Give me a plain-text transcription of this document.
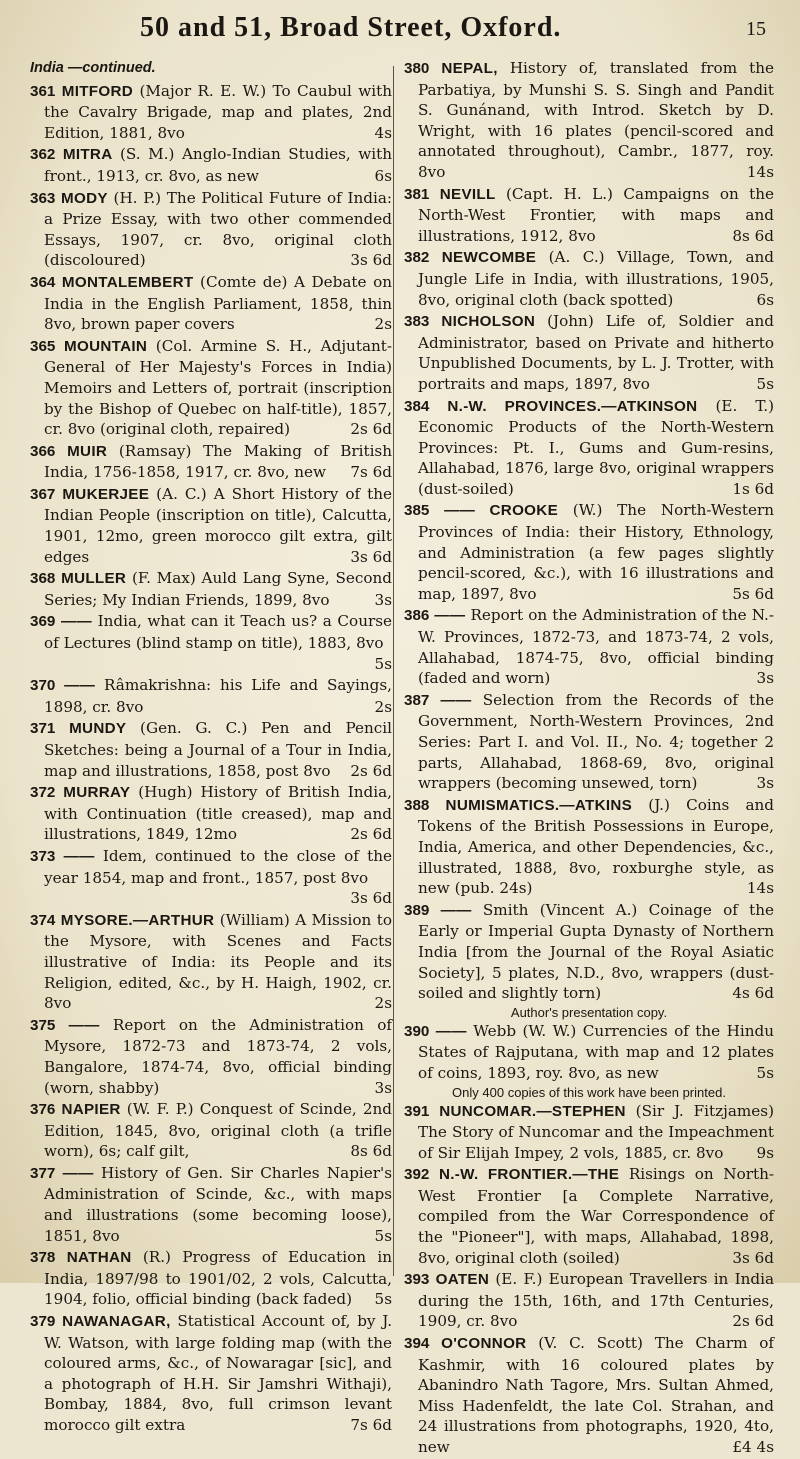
50 and 51, Broad Street, Oxford.	15
India —continued.
361 MITFORD (Major R. E. W.) To Caubul with the Cavalry Brigade, map and plates, 2nd Edition, 1881, 8vo	4s
362 MITRA (S. M.) Anglo-Indian Studies, with front., 1913, cr. 8vo, as new	6s
363 MODY (H. P.) The Political Future of India: a Prize Essay, with two other commended Essays, 1907, cr. 8vo, original cloth (discoloured)	3s 6d
364 MONTALEMBERT (Comte de) A Debate on India in the English Parliament, 1858, thin 8vo, brown paper covers	2s
365 MOUNTAIN (Col. Armine S. H., Adjutant-General of Her Majesty's Forces in India) Memoirs and Letters of, portrait (inscription by the Bishop of Quebec on half-title), 1857, cr. 8vo (original cloth, repaired)	2s 6d
366 MUIR (Ramsay) The Making of British India, 1756-1858, 1917, cr. 8vo, new 7s 6d
367 MUKERJEE (A. C.) A Short History of the Indian People (inscription on title), Calcutta, 1901, 12mo, green morocco gilt extra, gilt edges	3s 6d
368 MULLER (F. Max) Auld Lang Syne, Second Series; My Indian Friends, 1899, 8vo	3s
369 —— India, what can it Teach us? a Course of Lectures (blind stamp on title), 1883, 8vo
5s
370 —— Râmakrishna: his Life and Sayings, 1898, cr. 8vo	2s
371 MUNDY (Gen. G. C.) Pen and Pencil Sketches: being a Journal of a Tour in India, map and illustrations, 1858, post 8vo 2s 6d
372 MURRAY (Hugh) History of British India, with Continuation (title creased), map and illustrations, 1849, 12mo	2s 6d
373 —— Idem, continued to the close of the year 1854, map and front., 1857, post 8vo
3s 6d
374 MYSORE.—ARTHUR (William) A Mission to the Mysore, with Scenes and Facts illustrative of India: its People and its Religion, edited, &c., by H. Haigh, 1902, cr. 8vo	2s
375 —— Report on the Administration of Mysore, 1872-73 and 1873-74, 2 vols, Bangalore, 1874-74, 8vo, official binding (worn, shabby)	3s
376 NAPIER (W. F. P.) Conquest of Scinde, 2nd Edition, 1845, 8vo, original cloth (a trifle worn), 6s; calf gilt,	8s 6d
377 —— History of Gen. Sir Charles Napier's Administration of Scinde, &c., with maps and illustrations (some becoming loose), 1851, 8vo	5s
378 NATHAN (R.) Progress of Education in India, 1897/98 to 1901/02, 2 vols, Calcutta, 1904, folio, official binding (back faded) 5s
379 NAWANAGAR, Statistical Account of, by J. W. Watson, with large folding map (with the coloured arms, &c., of Nowaragar [sic], and a photograph of H.H. Sir Jamshri Withaji), Bombay, 1884, 8vo, full crimson levant morocco gilt extra	7s 6d
380 NEPAL, History of, translated from the Parbatiya, by Munshi S. S. Singh and Pandit S. Gunánand, with Introd. Sketch by D. Wright, with 16 plates (pencil-scored and annotated throughout), Cambr., 1877, roy. 8vo	14s
381 NEVILL (Capt. H. L.) Campaigns on the North-West Frontier, with maps and illustrations, 1912, 8vo	8s 6d
382 NEWCOMBE (A. C.) Village, Town, and Jungle Life in India, with illustrations, 1905, 8vo, original cloth (back spotted)	6s
383 NICHOLSON (John) Life of, Soldier and Administrator, based on Private and hitherto Unpublished Documents, by L. J. Trotter, with portraits and maps, 1897, 8vo	5s
384 N.-W. PROVINCES.—ATKINSON (E. T.) Economic Products of the North-Western Provinces: Pt. I., Gums and Gum-resins, Allahabad, 1876, large 8vo, original wrappers (dust-soiled)	1s 6d
385 —— CROOKE (W.) The North-Western Provinces of India: their History, Ethnology, and Administration (a few pages slightly pencil-scored, &c.), with 16 illustrations and map, 1897, 8vo	5s 6d
386 —— Report on the Administration of the N.-W. Provinces, 1872-73, and 1873-74, 2 vols, Allahabad, 1874-75, 8vo, official binding (faded and worn)	3s
387 —— Selection from the Records of the Government, North-Western Provinces, 2nd Series: Part I. and Vol. II., No. 4; together 2 parts, Allahabad, 1868-69, 8vo, original wrappers (becoming unsewed, torn)	3s
388 NUMISMATICS.—ATKINS (J.) Coins and Tokens of the British Possessions in Europe, India, America, and other Dependencies, &c., illustrated, 1888, 8vo, roxburghe style, as new (pub. 24s)	14s
389 —— Smith (Vincent A.) Coinage of the Early or Imperial Gupta Dynasty of Northern India [from the Journal of the Royal Asiatic Society], 5 plates, N.D., 8vo, wrappers (dust-soiled and slightly torn)	4s 6d
Author's presentation copy.
390 —— Webb (W. W.) Currencies of the Hindu States of Rajputana, with map and 12 plates of coins, 1893, roy. 8vo, as new	5s
Only 400 copies of this work have been printed.
391 NUNCOMAR.—STEPHEN (Sir J. Fitzjames) The Story of Nuncomar and the Impeachment of Sir Elijah Impey, 2 vols, 1885, cr. 8vo 9s
392 N.-W. FRONTIER.—THE Risings on North-West Frontier [a Complete Narrative, compiled from the War Correspondence of the "Pioneer"], with maps, Allahabad, 1898, 8vo, original cloth (soiled)	3s 6d
393 OATEN (E. F.) European Travellers in India during the 15th, 16th, and 17th Centuries, 1909, cr. 8vo	2s 6d
394 O'CONNOR (V. C. Scott) The Charm of Kashmir, with 16 coloured plates by Abanindro Nath Tagore, Mrs. Sultan Ahmed, Miss Hadenfeldt, the late Col. Strahan, and 24 illustrations from photographs, 1920, 4to, new	£4 4s
